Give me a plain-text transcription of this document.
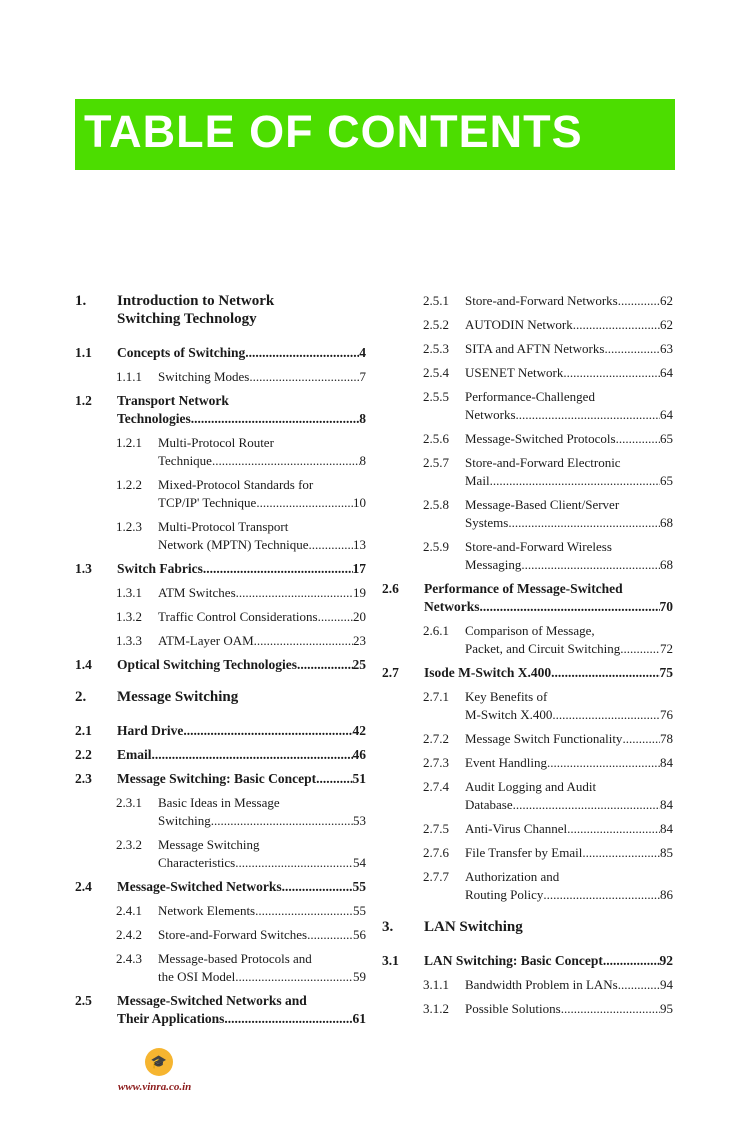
TABLE OF CONTENTS
1.	Introduction to Network
Switching Technology
1.1	Concepts of Switching .....	4
1.1.1	Switching Modes .....	7
1.2	Transport Network
Technologies .....	8
1.2.1	Multi-Protocol Router
Technique .....	8
1.2.2	Mixed-Protocol Standards for
TCP/IP' Technique .....	10
1.2.3	Multi-Protocol Transport
Network (MPTN) Technique .....	13
1.3	Switch Fabrics .....	17
1.3.1	ATM Switches .....	19
1.3.2	Traffic Control Considerations .....	20
1.3.3	ATM-Layer OAM .....	23
1.4	Optical Switching Technologies .....	25
2.	Message Switching
2.1	Hard Drive .....	42
2.2	Email .....	46
2.3	Message Switching: Basic Concept .....	51
2.3.1	Basic Ideas in Message
Switching .....	53
2.3.2	Message Switching
Characteristics .....	54
2.4	Message-Switched Networks .....	55
2.4.1	Network Elements .....	55
2.4.2	Store-and-Forward Switches .....	56
2.4.3	Message-based Protocols and
the OSI Model .....	59
2.5	Message-Switched Networks and
Their Applications .....	61
2.5.1	Store-and-Forward Networks .....	62
2.5.2	AUTODIN Network .....	62
2.5.3	SITA and AFTN Networks .....	63
2.5.4	USENET Network .....	64
2.5.5	Performance-Challenged
Networks .....	64
2.5.6	Message-Switched Protocols .....	65
2.5.7	Store-and-Forward Electronic
Mail .....	65
2.5.8	Message-Based Client/Server
Systems .....	68
2.5.9	Store-and-Forward Wireless
Messaging .....	68
2.6	Performance of Message-Switched
Networks .....	70
2.6.1	Comparison of Message,
Packet, and Circuit Switching .....	72
2.7	Isode M-Switch X.400 .....	75
2.7.1	Key Benefits of
M-Switch X.400 .....	76
2.7.2	Message Switch Functionality .....	78
2.7.3	Event Handling .....	84
2.7.4	Audit Logging and Audit
Database .....	84
2.7.5	Anti-Virus Channel .....	84
2.7.6	File Transfer by Email .....	85
2.7.7	Authorization and
Routing Policy .....	86
3.	LAN Switching
3.1	LAN Switching: Basic Concept .....	92
3.1.1	Bandwidth Problem in LANs .....	94
3.1.2	Possible Solutions .....	95
🎓
www.vinra.co.in
